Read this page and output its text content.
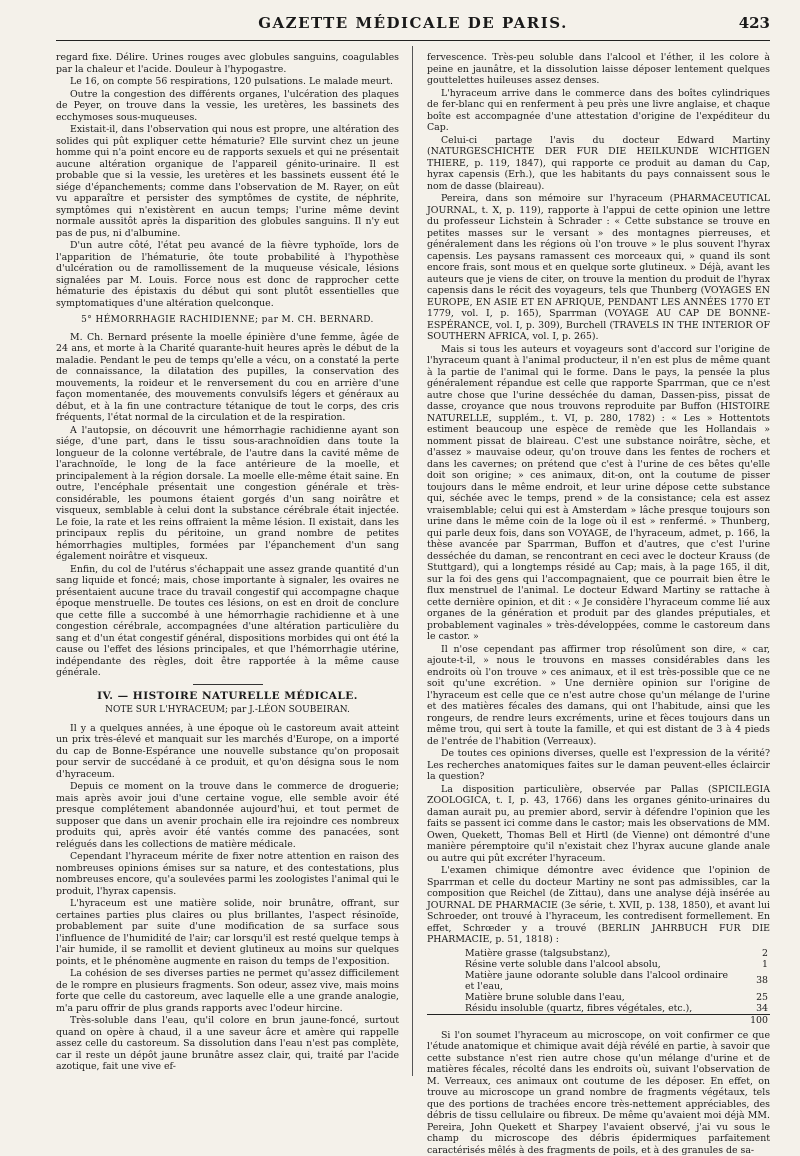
GAZETTE MÉDICALE DE PARIS.	423

regard fixe. Délire. Urines rouges avec globules sanguins, coagulables par la chaleur et l'acide. Douleur à l'hypogastre.

Le 16, on compte 56 respirations, 120 pulsations. Le malade meurt.

Outre la congestion des différents organes, l'ulcération des plaques de Peyer, on trouve dans la vessie, les uretères, les bassinets des ecchymoses sous-muqueuses.

Existait-il, dans l'observation qui nous est propre, une altération des solides qui pût expliquer cette hématurie? Elle survint chez un jeune homme qui n'a point encore eu de rapports sexuels et qui ne présentait aucune altération organique de l'appareil génito-urinaire. Il est probable que si la vessie, les uretères et les bassinets eussent été le siége d'épanchements; comme dans l'observation de M. Rayer, on eût vu apparaître et persister des symptômes de cystite, de néphrite, symptômes qui n'existèrent en aucun temps; l'urine même devint normale aussitôt après la disparition des globules sanguins. Il n'y eut pas de pus, ni d'albumine.

D'un autre côté, l'état peu avancé de la fièvre typhoïde, lors de l'apparition de l'hématurie, ôte toute probabilité à l'hypothèse d'ulcération ou de ramollissement de la muqueuse vésicale, lésions signalées par M. Louis. Force nous est donc de rapprocher cette hématurie des épistaxis du début qui sont plutôt essentielles que symptomatiques d'une altération quelconque.

5° HÉMORRHAGIE RACHIDIENNE; par M. CH. BERNARD.

M. Ch. Bernard présente la moelle épinière d'une femme, âgée de 24 ans, et morte à la Charité quarante-huit heures après le début de la maladie. Pendant le peu de temps qu'elle a vécu, on a constaté la perte de connaissance, la dilatation des pupilles, la conservation des mouvements, la roideur et le renversement du cou en arrière d'une façon momentanée, des mouvements convulsifs légers et généraux au début, et à la fin une contracture tétanique de tout le corps, des cris fréquents, l'état normal de la circulation et de la respiration.

A l'autopsie, on découvrit une hémorrhagie rachidienne ayant son siége, d'une part, dans le tissu sous-arachnoïdien dans toute la longueur de la colonne vertébrale, de l'autre dans la cavité même de l'arachnoïde, le long de la face antérieure de la moelle, et principalement à la région dorsale. La moelle elle-même était saine. En outre, l'encéphale présentait une congestion générale et très-considérable, les poumons étaient gorgés d'un sang noirâtre et visqueux, semblable à celui dont la substance cérébrale était injectée. Le foie, la rate et les reins offraient la même lésion. Il existait, dans les principaux replis du péritoine, un grand nombre de petites hémorrhagies multiples, formées par l'épanchement d'un sang également noirâtre et visqueux.

Enfin, du col de l'utérus s'échappait une assez grande quantité d'un sang liquide et foncé; mais, chose importante à signaler, les ovaires ne présentaient aucune trace du travail congestif qui accompagne chaque époque menstruelle. De toutes ces lésions, on est en droit de conclure que cette fille a succombé à une hémorrhagie rachidienne et à une congestion cérébrale, accompagnées d'une altération particulière du sang et d'un état congestif général, dispositions morbides qui ont été la cause ou l'effet des lésions principales, et que l'hémorrhagie utérine, indépendante des règles, doit être rapportée à la même cause générale.

IV. — HISTOIRE NATURELLE MÉDICALE.
NOTE SUR L'HYRACEUM; par J.-LÉON SOUBEIRAN.

Il y a quelques années, à une époque où le castoreum avait atteint un prix très-élevé et manquait sur les marchés d'Europe, on a importé du cap de Bonne-Espérance une nouvelle substance qu'on proposait pour servir de succédané à ce produit, et qu'on désigna sous le nom d'hyraceum.

Depuis ce moment on la trouve dans le commerce de droguerie; mais après avoir joui d'une certaine vogue, elle semble avoir été presque complétement abandonnée aujourd'hui, et tout permet de supposer que dans un avenir prochain elle ira rejoindre ces nombreux produits qui, après avoir été vantés comme des panacées, sont relégués dans les collections de matière médicale.

Cependant l'hyraceum mérite de fixer notre attention en raison des nombreuses opinions émises sur sa nature, et des contestations, plus nombreuses encore, qu'a soulevées parmi les zoologistes l'animal qui le produit, l'hyrax capensis.

L'hyraceum est une matière solide, noir brunâtre, offrant, sur certaines parties plus claires ou plus brillantes, l'aspect résinoïde, probablement par suite d'une modification de sa surface sous l'influence de l'humidité de l'air; car lorsqu'il est resté quelque temps à l'air humide, il se ramollit et devient glutineux au moins sur quelques points, et le phénomène augmente en raison du temps de l'exposition.

La cohésion de ses diverses parties ne permet qu'assez difficilement de le rompre en plusieurs fragments. Son odeur, assez vive, mais moins forte que celle du castoreum, avec laquelle elle a une grande analogie, m'a paru offrir de plus grands rapports avec l'odeur hircine.

Très-soluble dans l'eau, qu'il colore en brun jaune-foncé, surtout quand on opère à chaud, il a une saveur âcre et amère qui rappelle assez celle du castoreum. Sa dissolution dans l'eau n'est pas complète, car il reste un dépôt jaune brunâtre assez clair, qui, traité par l'acide azotique, fait une vive ef-

fervescence. Très-peu soluble dans l'alcool et l'éther, il les colore à peine en jaunâtre, et la dissolution laisse déposer lentement quelques gouttelettes huileuses assez denses.

L'hyraceum arrive dans le commerce dans des boîtes cylindriques de fer-blanc qui en renferment à peu près une livre anglaise, et chaque boîte est accompagnée d'une attestation d'origine de l'expéditeur du Cap.

Celui-ci partage l'avis du docteur Edward Martiny (NATURGESCHICHTE DER FUR DIE HEILKUNDE WICHTIGEN THIERE, p. 119, 1847), qui rapporte ce produit au daman du Cap, hyrax capensis (Erh.), que les habitants du pays connaissent sous le nom de dasse (blaireau).

Pereira, dans son mémoire sur l'hyraceum (PHARMACEUTICAL JOURNAL, t. X, p. 119), rapporte à l'appui de cette opinion une lettre du professeur Lichstein à Schrader : « Cette substance se trouve en petites masses sur le versant » des montagnes pierreuses, et généralement dans les régions où l'on trouve » le plus souvent l'hyrax capensis. Les paysans ramassent ces morceaux qui, » quand ils sont encore frais, sont mous et en quelque sorte glutineux. » Déjà, avant les auteurs que je viens de citer, on trouve la mention du produit de l'hyrax capensis dans le récit des voyageurs, tels que Thunberg (VOYAGES EN EUROPE, EN ASIE ET EN AFRIQUE, PENDANT LES ANNÉES 1770 ET 1779, vol. I, p. 165), Sparrman (VOYAGE AU CAP DE BONNE-ESPÉRANCE, vol. I, p. 309), Burchell (TRAVELS IN THE INTERIOR OF SOUTHERN AFRICA, vol. I, p. 265).

Mais si tous les auteurs et voyageurs sont d'accord sur l'origine de l'hyraceum quant à l'animal producteur, il n'en est plus de même quant à la partie de l'animal qui le forme. Dans le pays, la pensée la plus généralement répandue est celle que rapporte Sparrman, que ce n'est autre chose que l'urine desséchée du daman, Dassen-piss, pissat de dasse, croyance que nous trouvons reproduite par Buffon (HISTOIRE NATURELLE, supplém., t. VI, p. 280, 1782) : « Les » Hottentots estiment beaucoup une espèce de remède que les Hollandais » nomment pissat de blaireau. C'est une substance noirâtre, sèche, et d'assez » mauvaise odeur, qu'on trouve dans les fentes de rochers et dans les cavernes; on prétend que c'est à l'urine de ces bêtes qu'elle doit son origine; » ces animaux, dit-on, ont la coutume de pisser toujours dans le même endroit, et leur urine dépose cette substance qui, séchée avec le temps, prend » de la consistance; cela est assez vraisemblable; celui qui est à Amsterdam » lâche presque toujours son urine dans le même coin de la loge où il est » renfermé. » Thunberg, qui parle deux fois, dans son VOYAGE, de l'hyraceum, admet, p. 166, la thèse avancée par Sparrman, Buffon et d'autres, que c'est l'urine desséchée du daman, se rencontrant en ceci avec le docteur Krauss (de Stuttgard), qui a longtemps résidé au Cap; mais, à la page 165, il dit, sur la foi des gens qui l'accompagnaient, que ce pourrait bien être le flux menstruel de l'animal. Le docteur Edward Martiny se rattache à cette dernière opinion, et dit : « Je considère l'hyraceum comme lié aux organes de la génération et produit par des glandes préputiales, et probablement vaginales » très-développées, comme le castoreum dans le castor. »

Il n'ose cependant pas affirmer trop résolûment son dire, « car, ajoute-t-il, » nous le trouvons en masses considérables dans les endroits où l'on trouve » ces animaux, et il est très-possible que ce ne soit qu'une excrétion. » Une dernière opinion sur l'origine de l'hyraceum est celle que ce n'est autre chose qu'un mélange de l'urine et des matières fécales des damans, qui ont l'habitude, ainsi que les rongeurs, de rendre leurs excréments, urine et fèces toujours dans un même trou, qui sert à toute la famille, et qui est distant de 3 à 4 pieds de l'entrée de l'habition (Verreaux).

De toutes ces opinions diverses, quelle est l'expression de la vérité? Les recherches anatomiques faites sur le daman peuvent-elles éclaircir la question?

La disposition particulière, observée par Pallas (SPICILEGIA ZOOLOGICA, t. I, p. 43, 1766) dans les organes génito-urinaires du daman aurait pu, au premier abord, servir à défendre l'opinion que les faits se passent ici comme dans le castor; mais les observations de MM. Owen, Quekett, Thomas Bell et Hirtl (de Vienne) ont démontré d'une manière péremptoire qu'il n'existait chez l'hyrax aucune glande anale ou autre qui pût excréter l'hyraceum.

L'examen chimique démontre avec évidence que l'opinion de Sparrman et celle du docteur Martiny ne sont pas admissibles, car la composition que Reichel (de Zittau), dans une analyse déjà insérée au JOURNAL DE PHARMACIE (3e série, t. XVII, p. 138, 1850), et avant lui Schroeder, ont trouvé à l'hyraceum, les contredisent formellement. En effet, Schrœder y a trouvé (BERLIN JAHRBUCH FUR DIE PHARMACIE, p. 51, 1818) :

Matière grasse (talgsubstanz),	2
Résine verte soluble dans l'alcool absolu,	1
Matière jaune odorante soluble dans l'alcool ordinaire et l'eau,	38
Matière brune soluble dans l'eau,	25
Résidu insoluble (quartz, fibres végétales, etc.),	34
	100

Si l'on soumet l'hyraceum au microscope, on voit confirmer ce que l'étude anatomique et chimique avait déjà révélé en partie, à savoir que cette substance n'est rien autre chose qu'un mélange d'urine et de matières fécales, récolté dans les endroits où, suivant l'observation de M. Verreaux, ces animaux ont coutume de les déposer. En effet, on trouve au microscope un grand nombre de fragments végétaux, tels que des portions de trachées encore très-nettement appréciables, des débris de tissu cellulaire ou fibreux. De même qu'avaient moi déjà MM. Pereira, John Quekett et Sharpey l'avaient observé, j'ai vu sous le champ du microscope des débris épidermiques parfaitement caractérisés mêlés à des fragments de poils, et à des granules de sa-
